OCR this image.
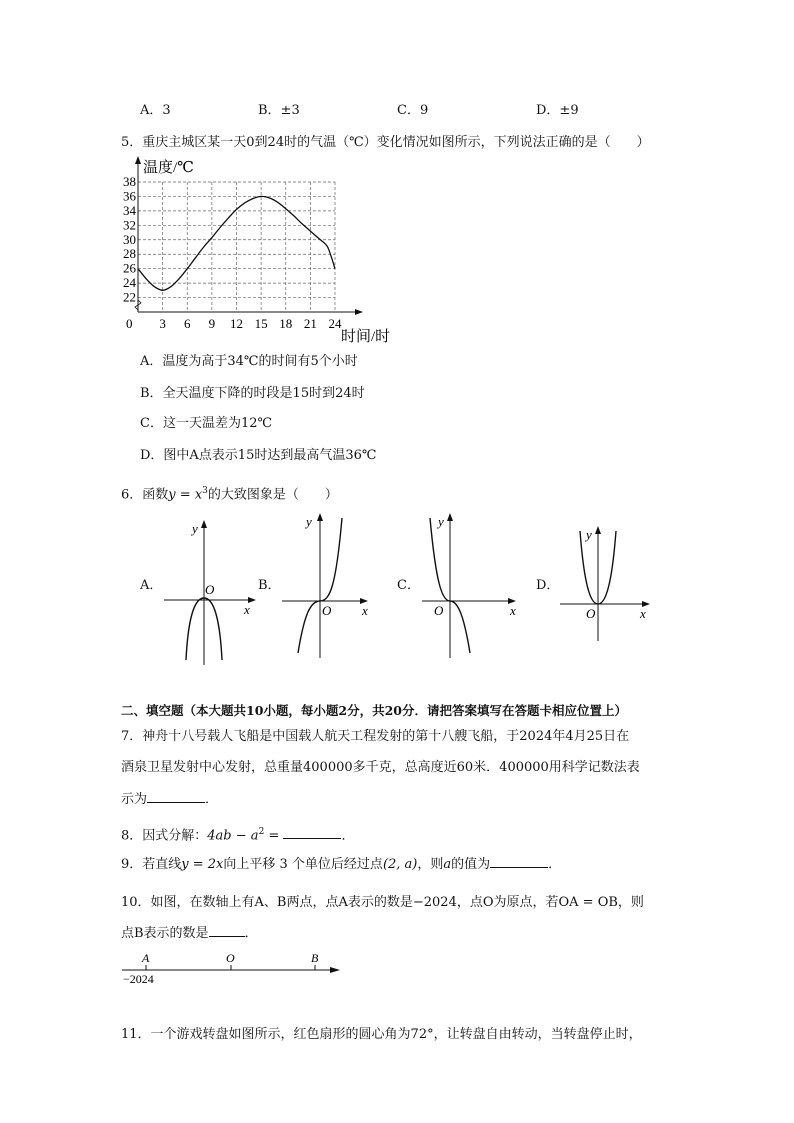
A．3	B．±3	C．9	D．±9
5．重庆主城区某一天0到24时的气温（℃）变化情况如图所示，下列说法正确的是（　　）
0 3 6 9 12 15 18 21 24
22
24
26
28
30
32
34
36
38
温度/℃
时间/时
A．温度为高于34℃的时间有5个小时
B．全天温度下降的时段是15时到24时
C．这一天温差为12℃
D．图中A点表示15时达到最高气温36℃
6．函数$y = x^3$的大致图象是（　　）
A．
y
x
O	B．
y
x
O
C．
y
x
O
D．
y
x
O
二、填空题（本大题共10小题，每小题2分，共20分．请把答案填写在答题卡相应位置上）
7．神舟十八号载人飞船是中国载人航天工程发射的第十八艘飞船，于2024年4月25日在
酒泉卫星发射中心发射，总重量400000多千克，总高度近60米．400000用科学记数法表
示为	．
8．因式分解：$4ab - a^2$ =	．
9．若直线y = 2x向上平移 3 个单位后经过点(2, a)，则a的值为	．
10．如图，在数轴上有A、B两点，点A表示的数是−2024，点O为原点，若OA = OB，则
点B表示的数是	．
A	O	B
−2024
11．一个游戏转盘如图所示，红色扇形的圆心角为72°，让转盘自由转动，当转盘停止时，
